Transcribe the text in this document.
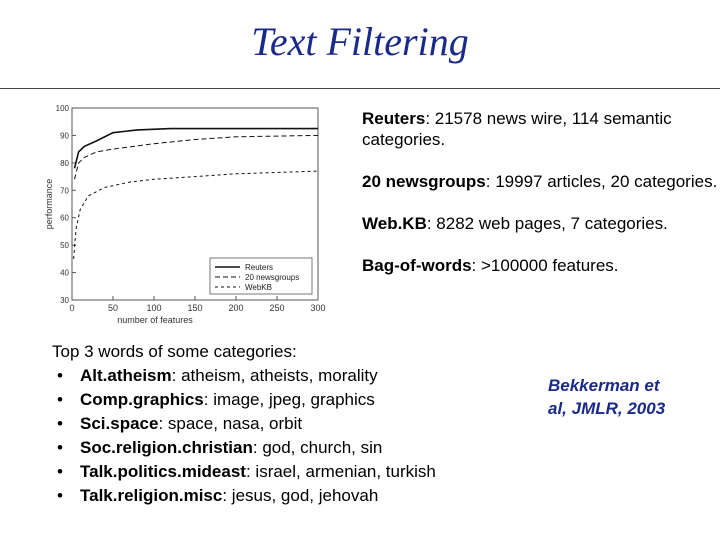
Text Filtering
30
40
50
60
70
80
90
100
0	50	100	150	200	250	300
number of features
performance
Reuters
20 newsgroups
WebKB

Reuters: 21578 news wire, 114 semantic categories.

20 newsgroups: 19997 articles, 20 categories.

Web.KB: 8282 web pages, 7 categories.

Bag-of-words: >100000 features.

Top 3 words of some categories:
• Alt.atheism: atheism, atheists, morality
• Comp.graphics: image, jpeg, graphics
• Sci.space: space, nasa, orbit
• Soc.religion.christian: god, church, sin
• Talk.politics.mideast: israel, armenian, turkish
• Talk.religion.misc: jesus, god, jehovah
Bekkerman et
al, JMLR, 2003
